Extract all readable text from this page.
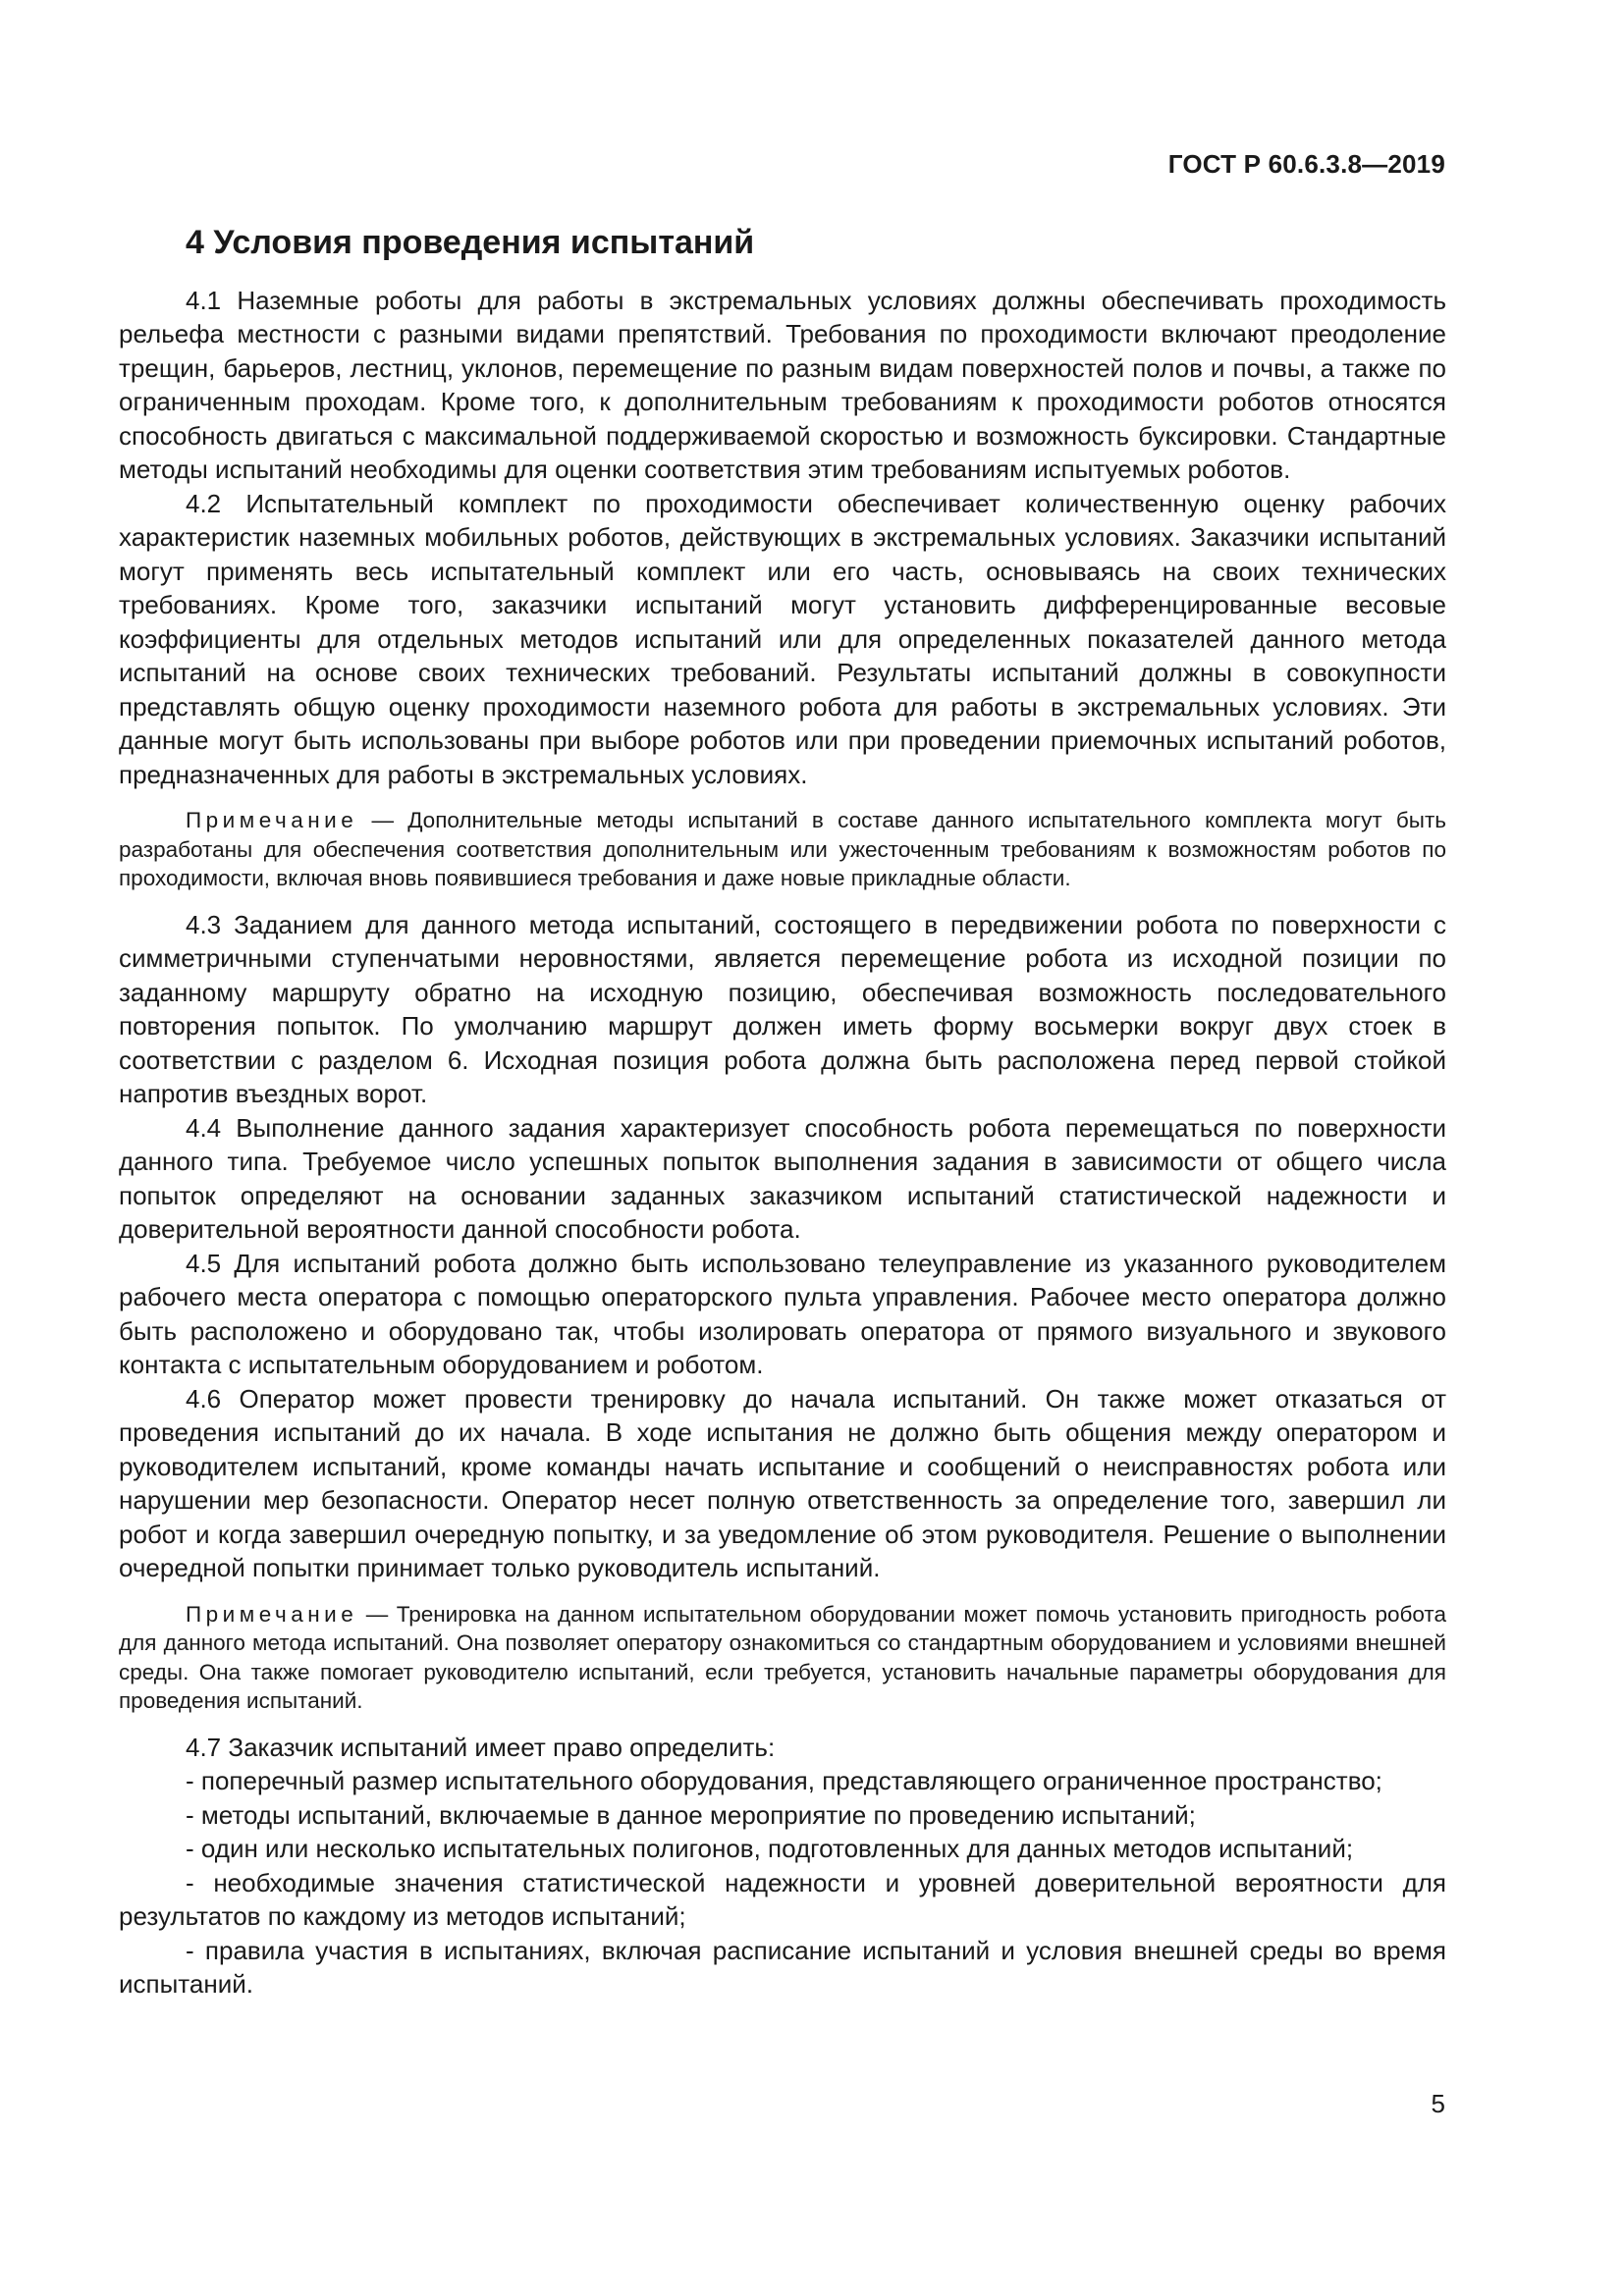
ГОСТ Р 60.6.3.8—2019
4 Условия проведения испытаний

4.1 Наземные роботы для работы в экстремальных условиях должны обеспечивать проходимость рельефа местности с разными видами препятствий. Требования по проходимости включают преодоление трещин, барьеров, лестниц, уклонов, перемещение по разным видам поверхностей полов и почвы, а также по ограниченным проходам. Кроме того, к дополнительным требованиям к проходимости роботов относятся способность двигаться с максимальной поддерживаемой скоростью и возможность буксировки. Стандартные методы испытаний необходимы для оценки соответствия этим требованиям испытуемых роботов.

4.2 Испытательный комплект по проходимости обеспечивает количественную оценку рабочих характеристик наземных мобильных роботов, действующих в экстремальных условиях. Заказчики испытаний могут применять весь испытательный комплект или его часть, основываясь на своих технических требованиях. Кроме того, заказчики испытаний могут установить дифференцированные весовые коэффициенты для отдельных методов испытаний или для определенных показателей данного метода испытаний на основе своих технических требований. Результаты испытаний должны в совокупности представлять общую оценку проходимости наземного робота для работы в экстремальных условиях. Эти данные могут быть использованы при выборе роботов или при проведении приемочных испытаний роботов, предназначенных для работы в экстремальных условиях.

Примечание — Дополнительные методы испытаний в составе данного испытательного комплекта могут быть разработаны для обеспечения соответствия дополнительным или ужесточенным требованиям к возможностям роботов по проходимости, включая вновь появившиеся требования и даже новые прикладные области.

4.3 Заданием для данного метода испытаний, состоящего в передвижении робота по поверхности с симметричными ступенчатыми неровностями, является перемещение робота из исходной позиции по заданному маршруту обратно на исходную позицию, обеспечивая возможность последовательного повторения попыток. По умолчанию маршрут должен иметь форму восьмерки вокруг двух стоек в соответствии с разделом 6. Исходная позиция робота должна быть расположена перед первой стойкой напротив въездных ворот.

4.4 Выполнение данного задания характеризует способность робота перемещаться по поверхности данного типа. Требуемое число успешных попыток выполнения задания в зависимости от общего числа попыток определяют на основании заданных заказчиком испытаний статистической надежности и доверительной вероятности данной способности робота.

4.5 Для испытаний робота должно быть использовано телеуправление из указанного руководителем рабочего места оператора с помощью операторского пульта управления. Рабочее место оператора должно быть расположено и оборудовано так, чтобы изолировать оператора от прямого визуального и звукового контакта с испытательным оборудованием и роботом.

4.6 Оператор может провести тренировку до начала испытаний. Он также может отказаться от проведения испытаний до их начала. В ходе испытания не должно быть общения между оператором и руководителем испытаний, кроме команды начать испытание и сообщений о неисправностях робота или нарушении мер безопасности. Оператор несет полную ответственность за определение того, завершил ли робот и когда завершил очередную попытку, и за уведомление об этом руководителя. Решение о выполнении очередной попытки принимает только руководитель испытаний.

Примечание — Тренировка на данном испытательном оборудовании может помочь установить пригодность робота для данного метода испытаний. Она позволяет оператору ознакомиться со стандартным оборудованием и условиями внешней среды. Она также помогает руководителю испытаний, если требуется, установить начальные параметры оборудования для проведения испытаний.

4.7 Заказчик испытаний имеет право определить:

- поперечный размер испытательного оборудования, представляющего ограниченное пространство;

- методы испытаний, включаемые в данное мероприятие по проведению испытаний;

- один или несколько испытательных полигонов, подготовленных для данных методов испытаний;

- необходимые значения статистической надежности и уровней доверительной вероятности для результатов по каждому из методов испытаний;

- правила участия в испытаниях, включая расписание испытаний и условия внешней среды во время испытаний.

5
